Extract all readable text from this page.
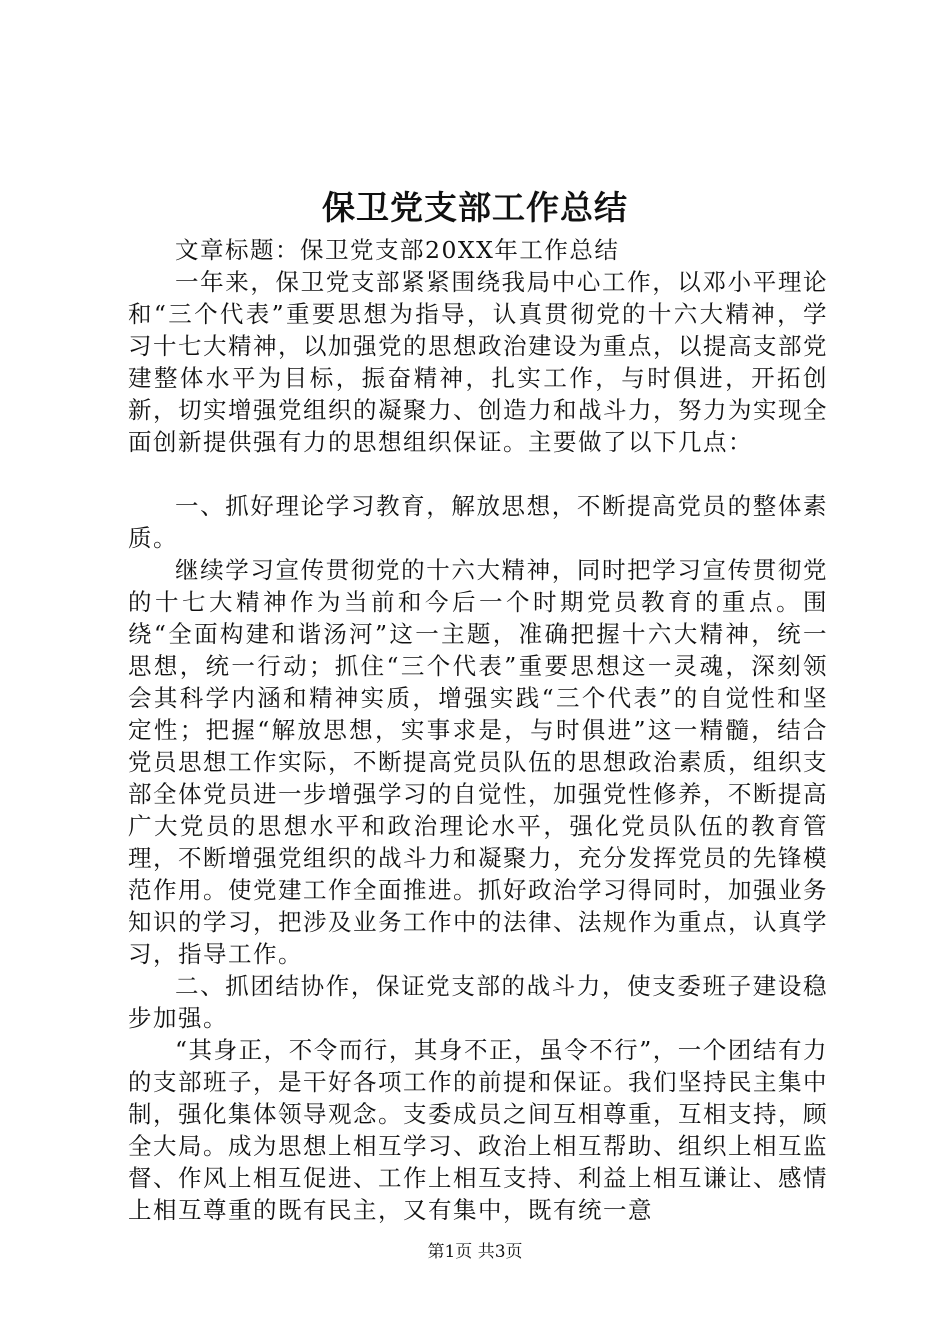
保卫党支部工作总结

文章标题：保卫党支部20XX年工作总结

一年来，保卫党支部紧紧围绕我局中心工作，以邓小平理论和“三个代表”重要思想为指导，认真贯彻党的十六大精神，学习十七大精神，以加强党的思想政治建设为重点，以提高支部党建整体水平为目标，振奋精神，扎实工作，与时俱进，开拓创新，切实增强党组织的凝聚力、创造力和战斗力，努力为实现全面创新提供强有力的思想组织保证。主要做了以下几点：

一、抓好理论学习教育，解放思想，不断提高党员的整体素质。

继续学习宣传贯彻党的十六大精神，同时把学习宣传贯彻党的十七大精神作为当前和今后一个时期党员教育的重点。围绕“全面构建和谐汤河”这一主题，准确把握十六大精神，统一思想，统一行动；抓住“三个代表”重要思想这一灵魂，深刻领会其科学内涵和精神实质，增强实践“三个代表”的自觉性和坚定性；把握“解放思想，实事求是，与时俱进”这一精髓，结合党员思想工作实际，不断提高党员队伍的思想政治素质，组织支部全体党员进一步增强学习的自觉性，加强党性修养，不断提高广大党员的思想水平和政治理论水平，强化党员队伍的教育管理，不断增强党组织的战斗力和凝聚力，充分发挥党员的先锋模范作用。使党建工作全面推进。抓好政治学习得同时，加强业务知识的学习，把涉及业务工作中的法律、法规作为重点，认真学习，指导工作。

二、抓团结协作，保证党支部的战斗力，使支委班子建设稳步加强。

“其身正，不令而行，其身不正，虽令不行”，一个团结有力的支部班子，是干好各项工作的前提和保证。我们坚持民主集中制，强化集体领导观念。支委成员之间互相尊重，互相支持，顾全大局。成为思想上相互学习、政治上相互帮助、组织上相互监督、作风上相互促进、工作上相互支持、利益上相互谦让、感情上相互尊重的既有民主，又有集中，既有统一意

第1页 共3页
